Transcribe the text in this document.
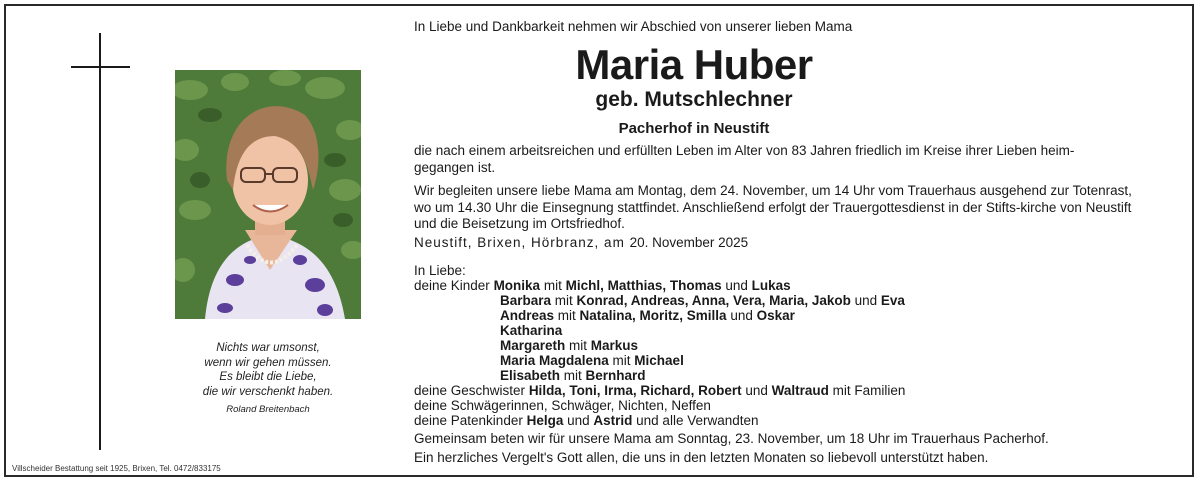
Nichts war umsonst,
wenn wir gehen müssen.
Es bleibt die Liebe,
die wir verschenkt haben.
Roland Breitenbach
In Liebe und Dankbarkeit nehmen wir Abschied von unserer lieben Mama
Maria Huber
geb. Mutschlechner
Pacherhof in Neustift
die nach einem arbeitsreichen und erfüllten Leben im Alter von 83 Jahren friedlich im Kreise ihrer Lieben heim-gegangen ist.
Wir begleiten unsere liebe Mama am Montag, dem 24. November, um 14 Uhr vom Trauerhaus ausgehend zur Totenrast, wo um 14.30 Uhr die Einsegnung stattfindet. Anschließend erfolgt der Trauergottesdienst in der Stifts-kirche von Neustift und die Beisetzung im Ortsfriedhof.
Neustift, Brixen, Hörbranz, am 20. November 2025
In Liebe:
deine Kinder Monika mit Michl, Matthias, Thomas und Lukas
Barbara mit Konrad, Andreas, Anna, Vera, Maria, Jakob und Eva
Andreas mit Natalina, Moritz, Smilla und Oskar
Katharina
Margareth mit Markus
Maria Magdalena mit Michael
Elisabeth mit Bernhard
deine Geschwister Hilda, Toni, Irma, Richard, Robert und Waltraud mit Familien
deine Schwägerinnen, Schwäger, Nichten, Neffen
deine Patenkinder Helga und Astrid und alle Verwandten
Gemeinsam beten wir für unsere Mama am Sonntag, 23. November, um 18 Uhr im Trauerhaus Pacherhof.
Ein herzliches Vergelt's Gott allen, die uns in den letzten Monaten so liebevoll unterstützt haben.
Villscheider Bestattung seit 1925, Brixen, Tel. 0472/833175
